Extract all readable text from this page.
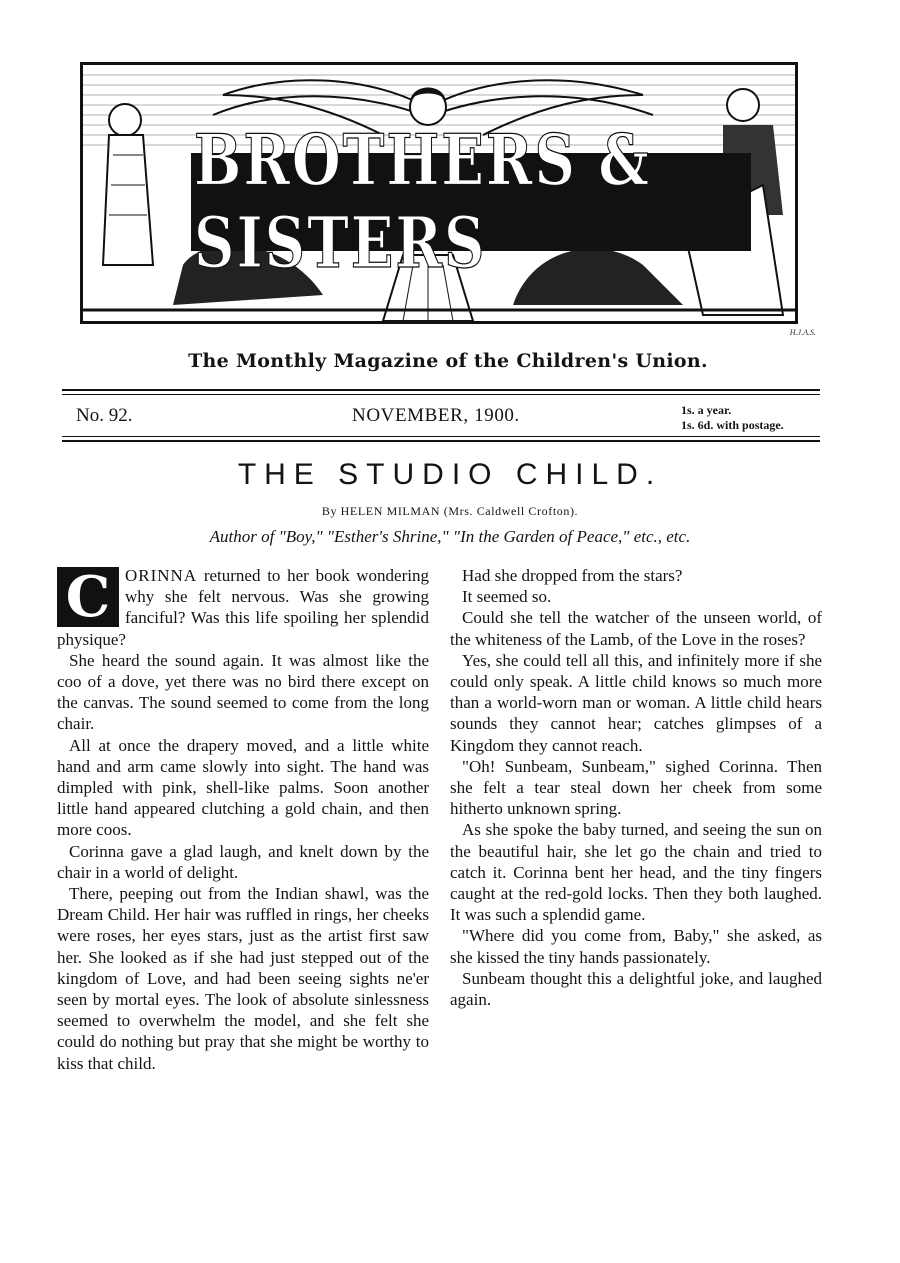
BROTHERS & SISTERS
H.J.A.S.
The Monthly Magazine of the Children's Union.
No. 92.	NOVEMBER, 1900.	1s. a year.
1s. 6d. with postage.
THE STUDIO CHILD.
By HELEN MILMAN (Mrs. Caldwell Crofton).
Author of "Boy," "Esther's Shrine," "In the Garden of Peace," etc., etc.

C ORINNA returned to her book wondering why she felt nervous. Was she growing fanciful? Was this life spoiling her splendid physique?

She heard the sound again. It was almost like the coo of a dove, yet there was no bird there except on the canvas. The sound seemed to come from the long chair.

All at once the drapery moved, and a little white hand and arm came slowly into sight. The hand was dimpled with pink, shell-like palms. Soon another little hand appeared clutching a gold chain, and then more coos.

Corinna gave a glad laugh, and knelt down by the chair in a world of delight.

There, peeping out from the Indian shawl, was the Dream Child. Her hair was ruffled in rings, her cheeks were roses, her eyes stars, just as the artist first saw her. She looked as if she had just stepped out of the kingdom of Love, and had been seeing sights ne'er seen by mortal eyes. The look of absolute sinlessness seemed to overwhelm the model, and she felt she could do nothing but pray that she might be worthy to kiss that child.

Had she dropped from the stars?

It seemed so.

Could she tell the watcher of the unseen world, of the whiteness of the Lamb, of the Love in the roses?

Yes, she could tell all this, and infinitely more if she could only speak. A little child knows so much more than a world-worn man or woman. A little child hears sounds they cannot hear; catches glimpses of a Kingdom they cannot reach.

"Oh! Sunbeam, Sunbeam," sighed Corinna. Then she felt a tear steal down her cheek from some hitherto unknown spring.

As she spoke the baby turned, and seeing the sun on the beautiful hair, she let go the chain and tried to catch it. Corinna bent her head, and the tiny fingers caught at the red-gold locks. Then they both laughed. It was such a splendid game.

"Where did you come from, Baby," she asked, as she kissed the tiny hands passionately.

Sunbeam thought this a delightful joke, and laughed again.
